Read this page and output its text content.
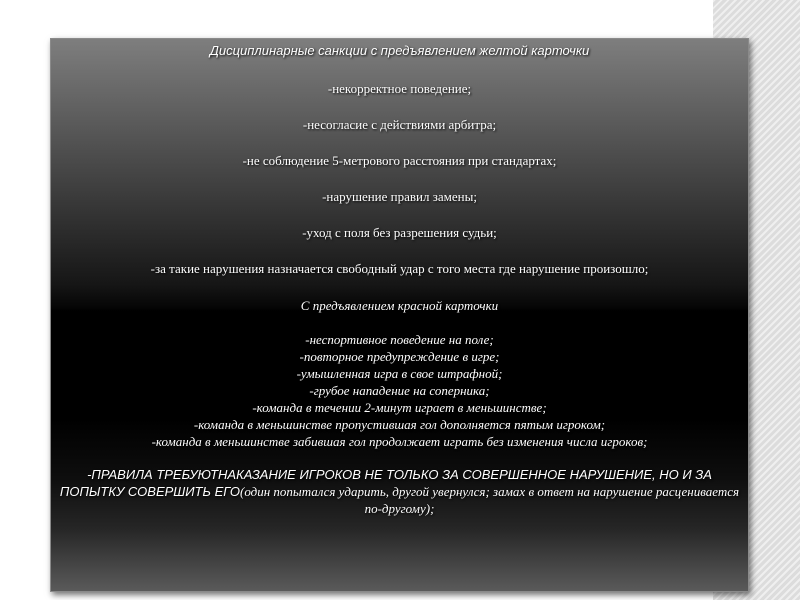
Дисциплинарные санкции с предъявлением желтой карточки
-некорректное поведение;
-несогласие с действиями арбитра;
-не соблюдение 5-метрового расстояния при стандартах;
-нарушение правил замены;
-уход с поля без разрешения судьи;
-за такие нарушения назначается свободный удар с того места где нарушение произошло;
С предъявлением красной карточки
-неспортивное поведение на поле;
-повторное предупреждение в игре;
-умышленная игра в свое штрафной;
-грубое нападение на соперника;
-команда в течении 2-минут играет в меньшинстве;
-команда в меньшинстве пропустившая гол дополняется пятым игроком;
-команда в меньшинстве забившая гол продолжает играть без изменения числа игроков;
-ПРАВИЛА ТРЕБУЮТНАКАЗАНИЕ ИГРОКОВ НЕ ТОЛЬКО ЗА СОВЕРШЕННОЕ НАРУШЕНИЕ, НО И ЗА ПОПЫТКУ СОВЕРШИТЬ ЕГО(один попытался ударить, другой увернулся; замах в ответ на нарушение расценивается по-другому);
